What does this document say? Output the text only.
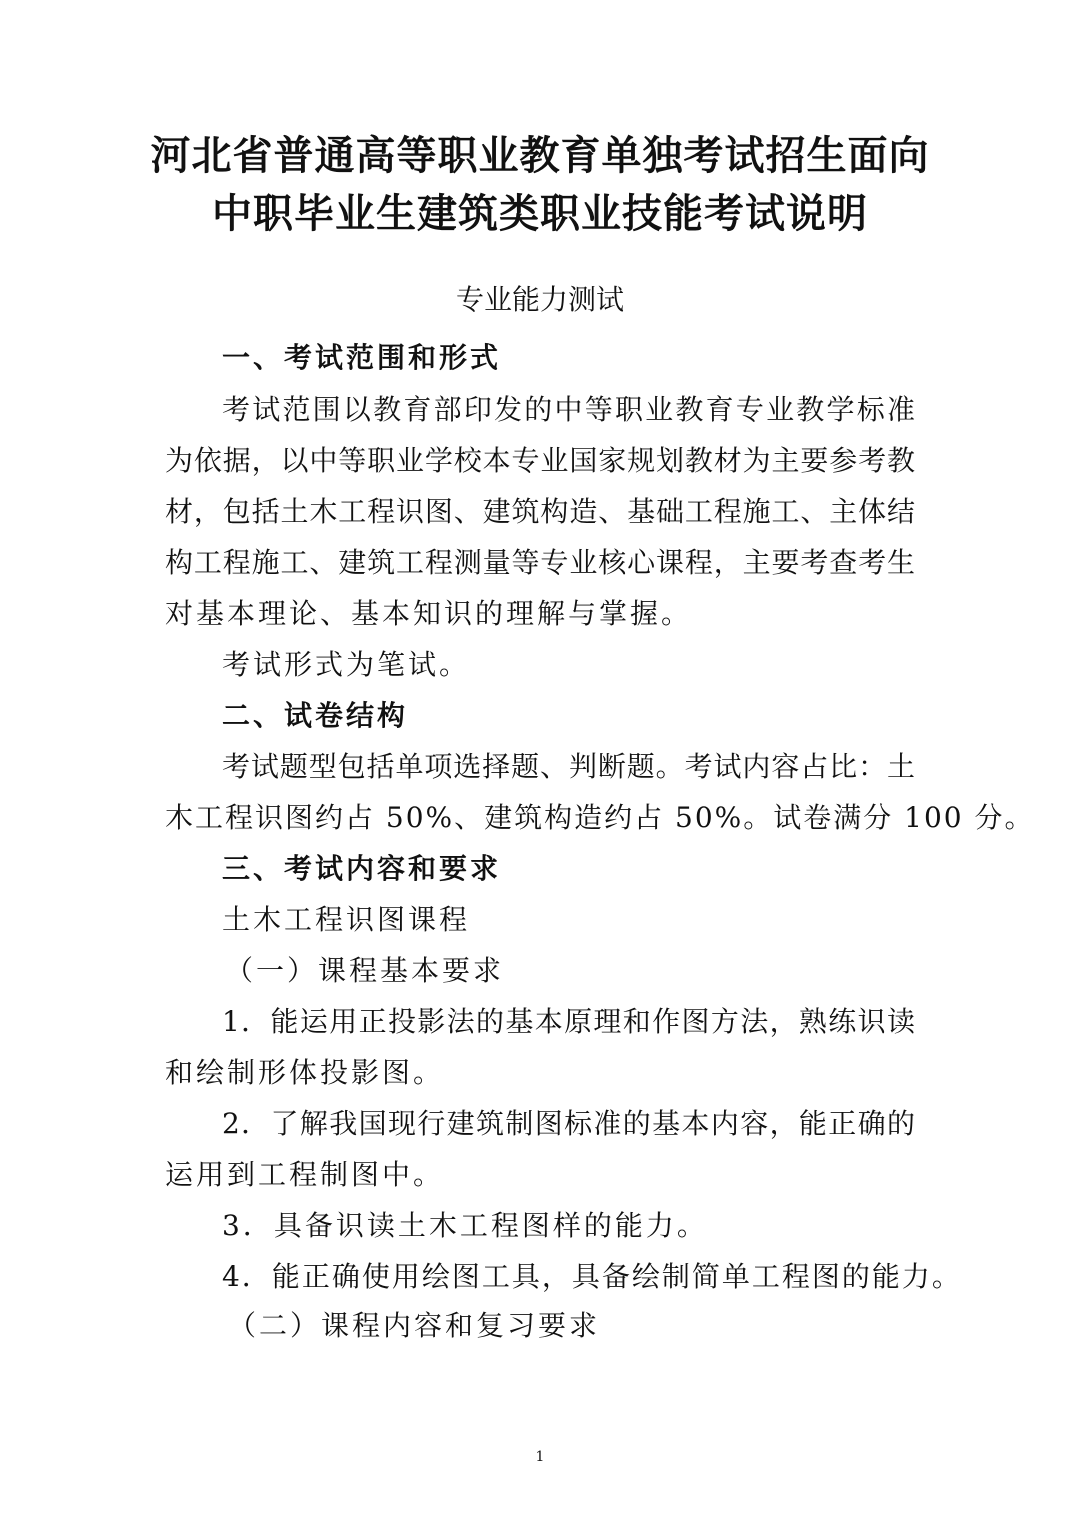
河北省普通高等职业教育单独考试招生面向
中职毕业生建筑类职业技能考试说明
专业能力测试
一、考试范围和形式
考试范围以教育部印发的中等职业教育专业教学标准
为依据，以中等职业学校本专业国家规划教材为主要参考教
材，包括土木工程识图、建筑构造、基础工程施工、主体结
构工程施工、建筑工程测量等专业核心课程，主要考查考生
对基本理论、基本知识的理解与掌握。
考试形式为笔试。
二、试卷结构
考试题型包括单项选择题、判断题。考试内容占比：土
木工程识图约占 50%、建筑构造约占 50%。试卷满分 100 分。
三、考试内容和要求
土木工程识图课程
（一）课程基本要求
1．能运用正投影法的基本原理和作图方法，熟练识读
和绘制形体投影图。
2．了解我国现行建筑制图标准的基本内容，能正确的
运用到工程制图中。
3．具备识读土木工程图样的能力。
4．能正确使用绘图工具，具备绘制简单工程图的能力。
（二）课程内容和复习要求
1
